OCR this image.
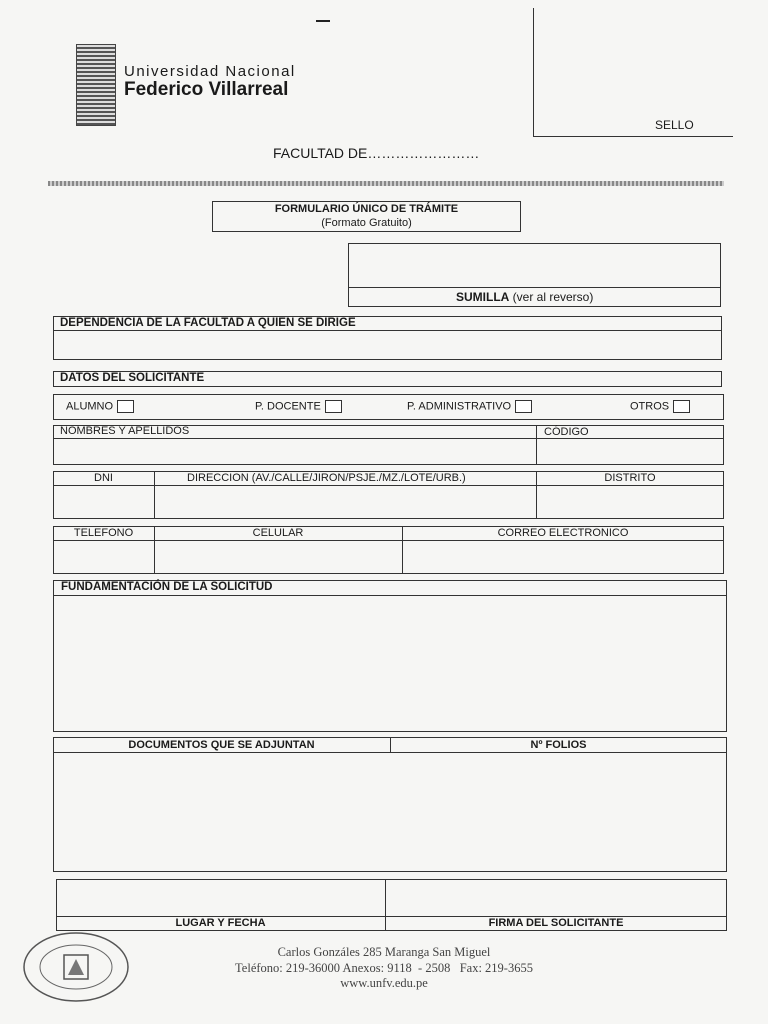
Universidad Nacional
Federico Villarreal
SELLO
FACULTAD DE……………………
FORMULARIO ÚNICO DE TRÁMITE
(Formato Gratuito)
SUMILLA (ver al reverso)
DEPENDENCIA DE LA FACULTAD A QUIEN SE DIRIGE
DATOS DEL SOLICITANTE
ALUMNO	P. DOCENTE	P. ADMINISTRATIVO	OTROS
NOMBRES Y APELLIDOS	CÓDIGO
DNI	DIRECCION (AV./CALLE/JIRON/PSJE./MZ./LOTE/URB.)	DISTRITO
TELEFONO	CELULAR	CORREO ELECTRONICO
FUNDAMENTACIÓN DE LA SOLICITUD
DOCUMENTOS QUE SE ADJUNTAN	Nº FOLIOS
LUGAR Y FECHA	FIRMA DEL SOLICITANTE
Carlos Gonzáles 285 Maranga San Miguel
Teléfono: 219-36000 Anexos: 9118  - 2508   Fax: 219-3655
www.unfv.edu.pe
